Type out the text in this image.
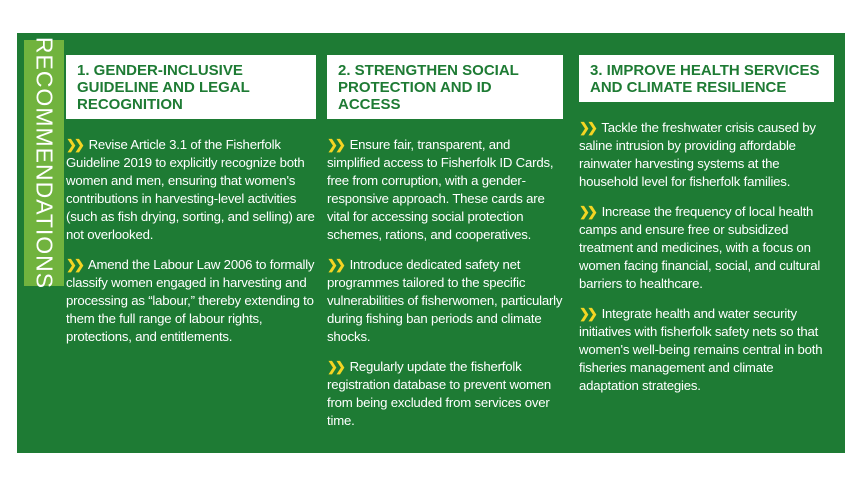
RECOMMENDATIONS	1. GENDER-INCLUSIVE GUIDELINE AND LEGAL RECOGNITION
❯❯ Revise Article 3.1 of the Fisherfolk Guideline 2019 to explicitly recognize both women and men, ensuring that women's contributions in harvesting-level activities (such as fish drying, sorting, and selling) are not overlooked.
❯❯ Amend the Labour Law 2006 to formally classify women engaged in harvesting and processing as “labour,” thereby extending to them the full range of labour rights, protections, and entitlements.
2. STRENGTHEN SOCIAL PROTECTION AND ID ACCESS
❯❯ Ensure fair, transparent, and simplified access to Fisherfolk ID Cards, free from corruption, with a gender-responsive approach. These cards are vital for accessing social protection schemes, rations, and cooperatives.
❯❯ Introduce dedicated safety net programmes tailored to the specific vulnerabilities of fisherwomen, particularly during fishing ban periods and climate shocks.
❯❯ Regularly update the fisherfolk registration database to prevent women from being excluded from services over time.
3. IMPROVE HEALTH SERVICES AND CLIMATE RESILIENCE
❯❯ Tackle the freshwater crisis caused by saline intrusion by providing affordable rainwater harvesting systems at the household level for fisherfolk families.
❯❯ Increase the frequency of local health camps and ensure free or subsidized treatment and medicines, with a focus on women facing financial, social, and cultural barriers to healthcare.
❯❯ Integrate health and water security initiatives with fisherfolk safety nets so that women's well-being remains central in both fisheries management and climate adaptation strategies.
